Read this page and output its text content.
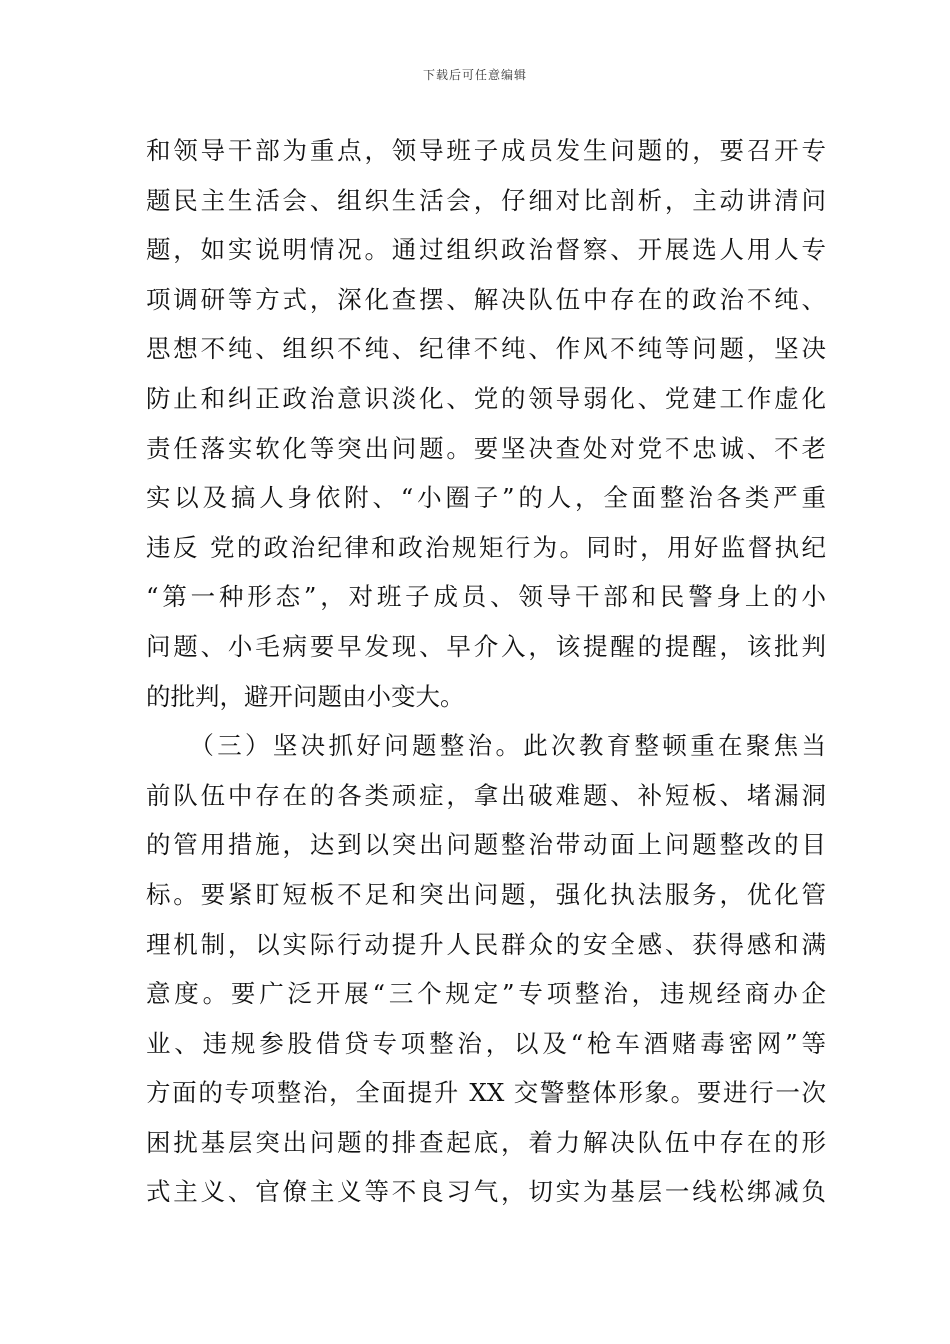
下载后可任意编辑
和领导干部为重点，领导班子成员发生问题的，要召开专
题民主生活会、组织生活会，仔细对比剖析，主动讲清问
题，如实说明情况。通过组织政治督察、开展选人用人专
项调研等方式，深化查摆、解决队伍中存在的政治不纯、
思想不纯、组织不纯、纪律不纯、作风不纯等问题，坚决
防止和纠正政治意识淡化、党的领导弱化、党建工作虚化
责任落实软化等突出问题。要坚决查处对党不忠诚、不老
实以及搞人身依附、“小圈子”的人，全面整治各类严重
违反 党的政治纪律和政治规矩行为。同时，用好监督执纪
“第一种形态”，对班子成员、领导干部和民警身上的小
问题、小毛病要早发现、早介入，该提醒的提醒，该批判
的批判，避开问题由小变大。
　　（三）坚决抓好问题整治。此次教育整顿重在聚焦当
前队伍中存在的各类顽症，拿出破难题、补短板、堵漏洞
的管用措施，达到以突出问题整治带动面上问题整改的目
标。要紧盯短板不足和突出问题，强化执法服务，优化管
理机制，以实际行动提升人民群众的安全感、获得感和满
意度。要广泛开展“三个规定”专项整治，违规经商办企
业、违规参股借贷专项整治，以及“枪车酒赌毒密网”等
方面的专项整治，全面提升 XX 交警整体形象。要进行一次
困扰基层突出问题的排查起底，着力解决队伍中存在的形
式主义、官僚主义等不良习气，切实为基层一线松绑减负
